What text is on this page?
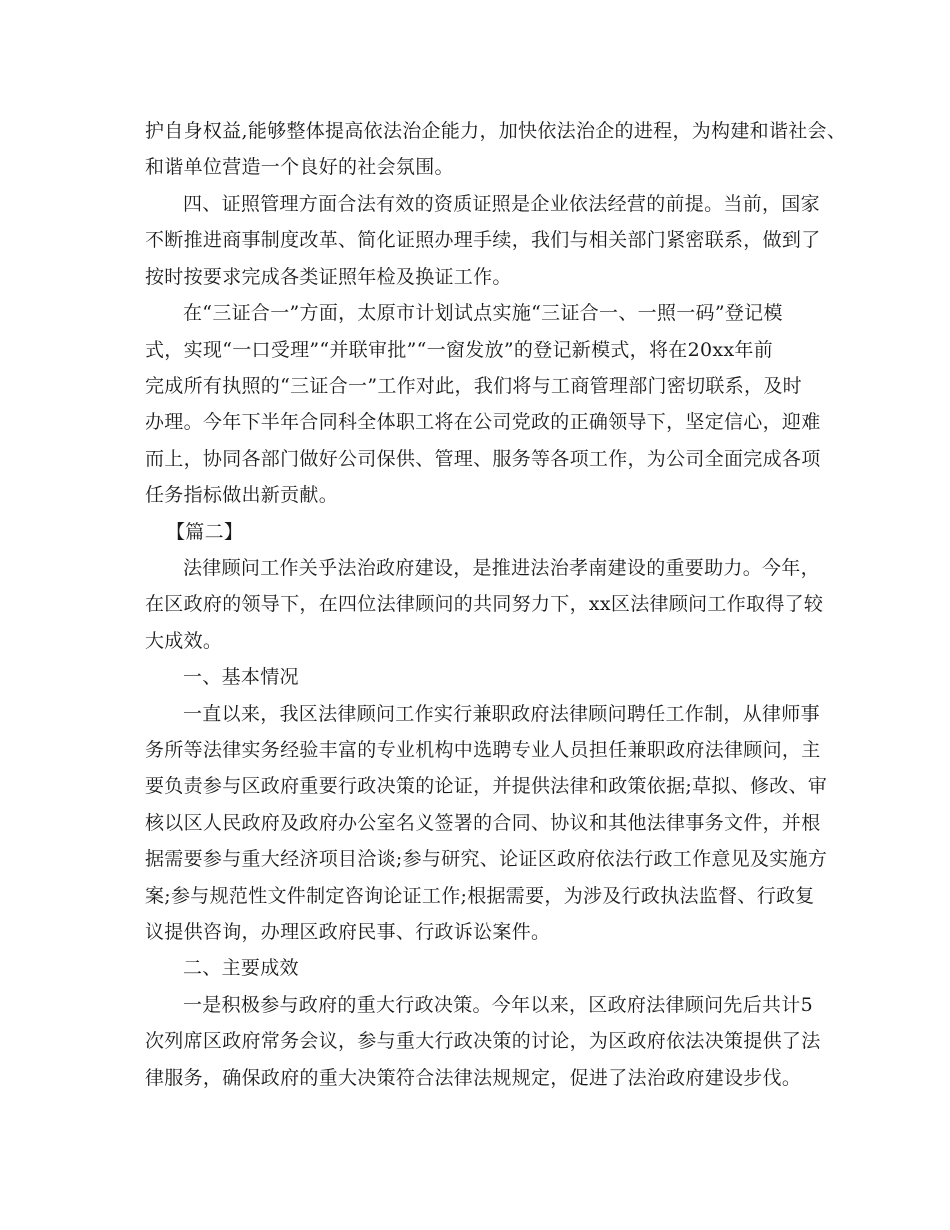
护自身权益,能够整体提高依法治企能力，加快依法治企的进程，为构建和谐社会、
和谐单位营造一个良好的社会氛围。
四、证照管理方面合法有效的资质证照是企业依法经营的前提。当前，国家
不断推进商事制度改革、简化证照办理手续，我们与相关部门紧密联系，做到了
按时按要求完成各类证照年检及换证工作。
在“三证合一”方面，太原市计划试点实施“三证合一、一照一码”登记模
式，实现“一口受理”“并联审批”“一窗发放”的登记新模式，将在20xx年前
完成所有执照的“三证合一”工作对此，我们将与工商管理部门密切联系，及时
办理。今年下半年合同科全体职工将在公司党政的正确领导下，坚定信心，迎难
而上，协同各部门做好公司保供、管理、服务等各项工作，为公司全面完成各项
任务指标做出新贡献。
【篇二】
法律顾问工作关乎法治政府建设，是推进法治孝南建设的重要助力。今年，
在区政府的领导下，在四位法律顾问的共同努力下，xx区法律顾问工作取得了较
大成效。
一、基本情况
一直以来，我区法律顾问工作实行兼职政府法律顾问聘任工作制，从律师事
务所等法律实务经验丰富的专业机构中选聘专业人员担任兼职政府法律顾问，主
要负责参与区政府重要行政决策的论证，并提供法律和政策依据;草拟、修改、审
核以区人民政府及政府办公室名义签署的合同、协议和其他法律事务文件，并根
据需要参与重大经济项目洽谈;参与研究、论证区政府依法行政工作意见及实施方
案;参与规范性文件制定咨询论证工作;根据需要，为涉及行政执法监督、行政复
议提供咨询，办理区政府民事、行政诉讼案件。
二、主要成效
一是积极参与政府的重大行政决策。今年以来，区政府法律顾问先后共计5
次列席区政府常务会议，参与重大行政决策的讨论，为区政府依法决策提供了法
律服务，确保政府的重大决策符合法律法规规定，促进了法治政府建设步伐。
